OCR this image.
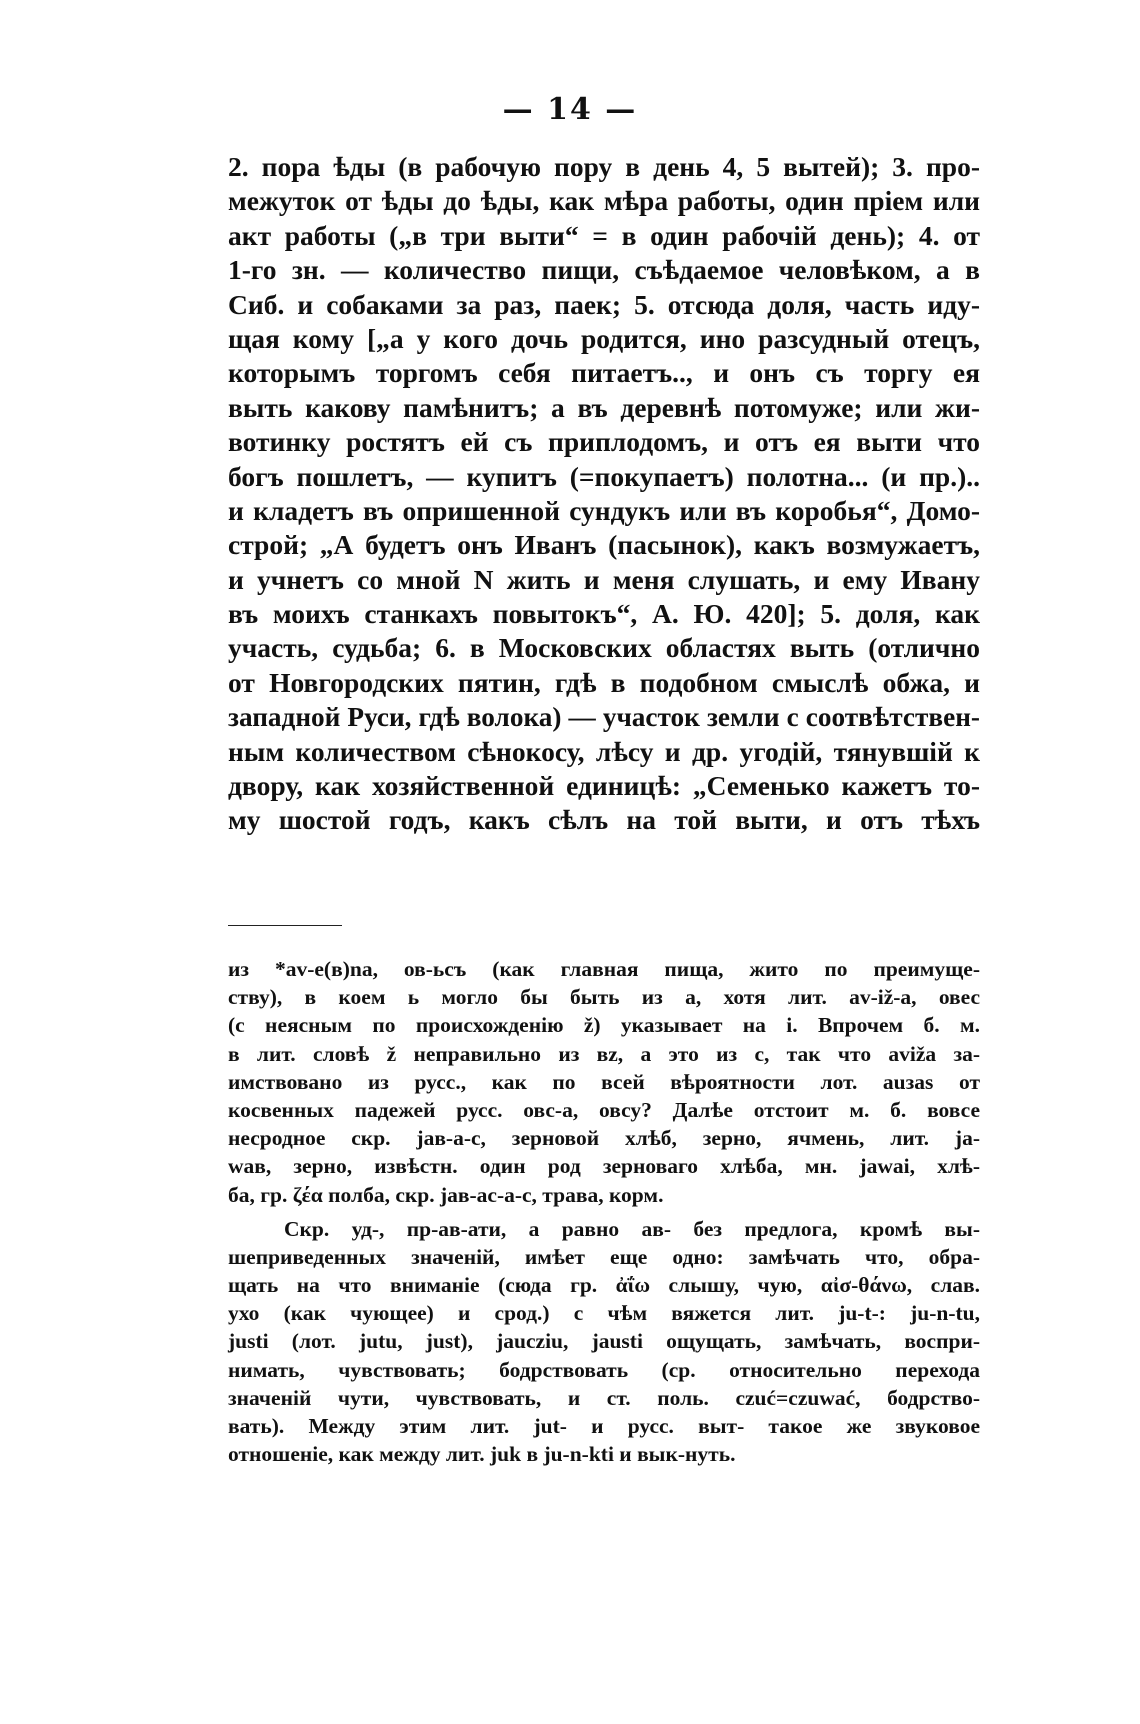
— 14 —
2. пора ѣды (в рабочую пору в день 4, 5 вытей); 3. про-
межуток от ѣды до ѣды, как мѣра работы, один пріем или
акт работы („в три выти“ = в один рабочій день); 4. от
1-го зн. — количество пищи, съѣдаемое человѣком, а в
Сиб. и собаками за раз, паек; 5. отсюда доля, часть иду-
щая кому [„а у кого дочь родится, ино разсудный отецъ,
которымъ торгомъ себя питаетъ.., и онъ съ торгу ея
выть какову памѣнитъ; а въ деревнѣ потомуже; или жи-
вотинку ростятъ ей съ приплодомъ, и отъ ея выти что
богъ пошлетъ, — купитъ (=покупаетъ) полотна... (и пр.)..
и кладетъ въ опришенной сундукъ или въ коробья“, Домо-
строй; „А будетъ онъ Иванъ (пасынок), какъ возмужаетъ,
и учнетъ со мной N жить и меня слушать, и ему Ивану
въ моихъ станкахъ повытокъ“, А. Ю. 420]; 5. доля, как
участь, судьба; 6. в Московских областях выть (отлично
от Новгородских пятин, гдѣ в подобном смыслѣ обжа, и
западной Руси, гдѣ волока) — участок земли с соотвѣтствен-
ным количеством сѣнокосу, лѣсу и др. угодій, тянувшій к
двору, как хозяйственной единицѣ: „Семенько кажетъ то-
му шостой годъ, какъ сѣлъ на той выти, и отъ тѣхъ
из *av-e(в)na, ов-ьсъ (как главная пища, жито по преимуще-
ству), в коем ь могло бы быть из а, хотя лит. av-iž-a, овес
(с неясным по происхожденію ž) указывает на i. Впрочем б. м.
в лит. словѣ ž неправильно из вz, а это из с, так что aviža за-
имствовано из русс., как по всей вѣроятности лот. auзas от
косвенных падежей русс. овс-а, овсу? Далѣе отстоит м. б. вовсе
несродное скр. jaв-a-c, зерновой хлѣб, зерно, ячмень, лит. ja-
waв, зерно, извѣстн. один род зерноваго хлѣба, мн. jawai, хлѣ-
ба, гр. ζέα полба, скр. jaв-ac-a-c, трава, корм.
Скр. уд-, пр-ав-ати, а равно ав- без предлога, кромѣ вы-
шеприведенных значеній, имѣет еще одно: замѣчать что, обра-
щать на что вниманіе (сюда гр. ἀΐω слышу, чую, αἰσ-θάνω, слав.
ухо (как чующее) и срод.) с чѣм вяжется лит. ju-t-: ju-n-tu,
justi (лот. jutu, just), jauczіu, jausti ощущать, замѣчать, воспри-
нимать, чувствовать; бодрствовать (ср. относительно перехода
значеній чути, чувствовать, и ст. поль. czuć=czuwać, бодрство-
вать). Между этим лит. jut- и русс. выт- такое же звуковое
отношеніе, как между лит. juk в ju-n-kti и вык-нуть.
